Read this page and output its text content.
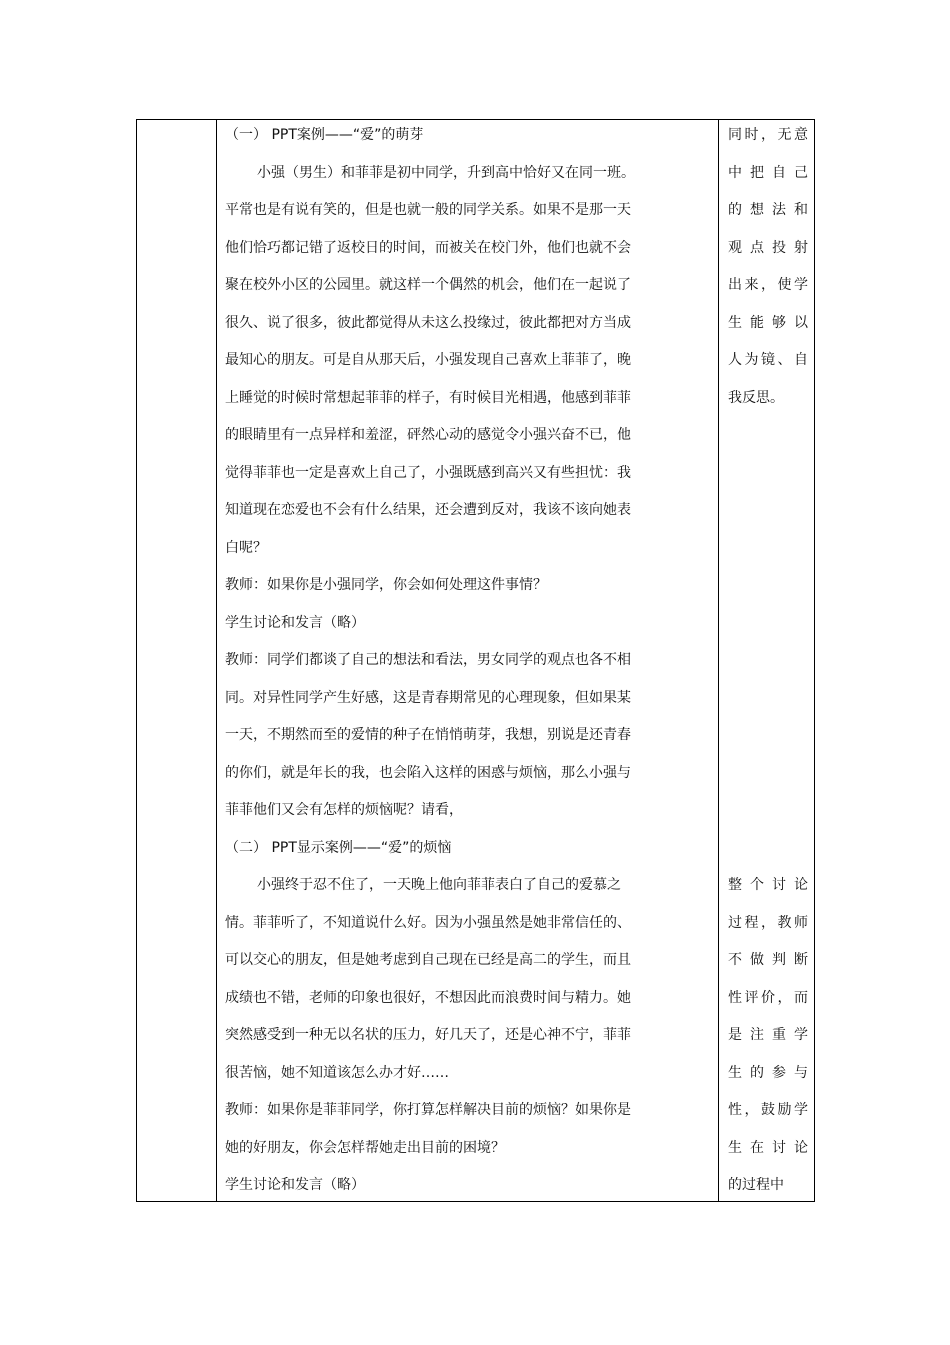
（一） PPT案例——“爱”的萌芽

小强（男生）和菲菲是初中同学，升到高中恰好又在同一班。

平常也是有说有笑的，但是也就一般的同学关系。如果不是那一天

他们恰巧都记错了返校日的时间，而被关在校门外，他们也就不会

聚在校外小区的公园里。就这样一个偶然的机会，他们在一起说了

很久、说了很多，彼此都觉得从未这么投缘过，彼此都把对方当成

最知心的朋友。可是自从那天后，小强发现自己喜欢上菲菲了，晚

上睡觉的时候时常想起菲菲的样子，有时候目光相遇，他感到菲菲

的眼睛里有一点异样和羞涩，砰然心动的感觉令小强兴奋不已，他

觉得菲菲也一定是喜欢上自己了，小强既感到高兴又有些担忧：我

知道现在恋爱也不会有什么结果，还会遭到反对，我该不该向她表

白呢？

教师：如果你是小强同学，你会如何处理这件事情？

学生讨论和发言（略）

教师：同学们都谈了自己的想法和看法，男女同学的观点也各不相

同。对异性同学产生好感，这是青春期常见的心理现象，但如果某

一天，不期然而至的爱情的种子在悄悄萌芽，我想，别说是还青春

的你们，就是年长的我，也会陷入这样的困惑与烦恼，那么小强与

菲菲他们又会有怎样的烦恼呢？请看，

（二） PPT显示案例——“爱”的烦恼

小强终于忍不住了，一天晚上他向菲菲表白了自己的爱慕之

情。菲菲听了，不知道说什么好。因为小强虽然是她非常信任的、

可以交心的朋友，但是她考虑到自己现在已经是高二的学生，而且

成绩也不错，老师的印象也很好，不想因此而浪费时间与精力。她

突然感受到一种无以名状的压力，好几天了，还是心神不宁，菲菲

很苦恼，她不知道该怎么办才好……

教师：如果你是菲菲同学，你打算怎样解决目前的烦恼？如果你是

她的好朋友，你会怎样帮她走出目前的困境？

学生讨论和发言（略）

同时，无意

中把自己

的想法和

观点投射

出来，使学

生能够以

人为镜、自

我反思。

整个讨论

过程，教师

不做判断

性评价，而

是注重学

生的参与

性，鼓励学

生在讨论

的过程中
